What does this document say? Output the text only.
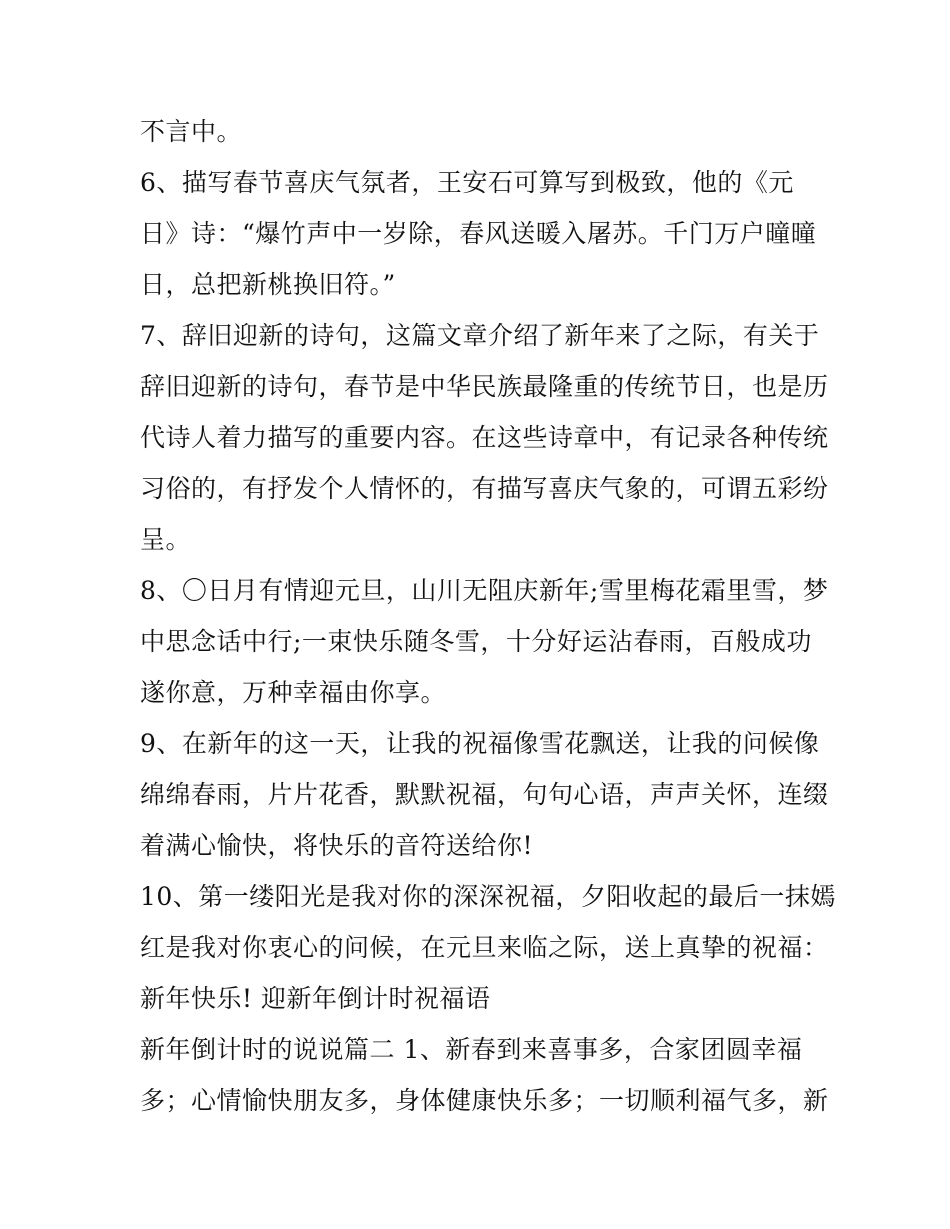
不言中。
6、描写春节喜庆气氛者，王安石可算写到极致，他的《元
日》诗：“爆竹声中一岁除，春风送暖入屠苏。千门万户曈曈
日，总把新桃换旧符。”
7、辞旧迎新的诗句，这篇文章介绍了新年来了之际，有关于
辞旧迎新的诗句，春节是中华民族最隆重的传统节日，也是历
代诗人着力描写的重要内容。在这些诗章中，有记录各种传统
习俗的，有抒发个人情怀的，有描写喜庆气象的，可谓五彩纷
呈。
8、〇日月有情迎元旦，山川无阻庆新年;雪里梅花霜里雪，梦
中思念话中行;一束快乐随冬雪，十分好运沾春雨，百般成功
遂你意，万种幸福由你享。
9、在新年的这一天，让我的祝福像雪花飘送，让我的问候像
绵绵春雨，片片花香，默默祝福，句句心语，声声关怀，连缀
着满心愉快，将快乐的音符送给你!
10、第一缕阳光是我对你的深深祝福，夕阳收起的最后一抹嫣
红是我对你衷心的问候，在元旦来临之际，送上真挚的祝福：
新年快乐! 迎新年倒计时祝福语
新年倒计时的说说篇二 1、新春到来喜事多，合家团圆幸福
多；心情愉快朋友多，身体健康快乐多；一切顺利福气多，新
